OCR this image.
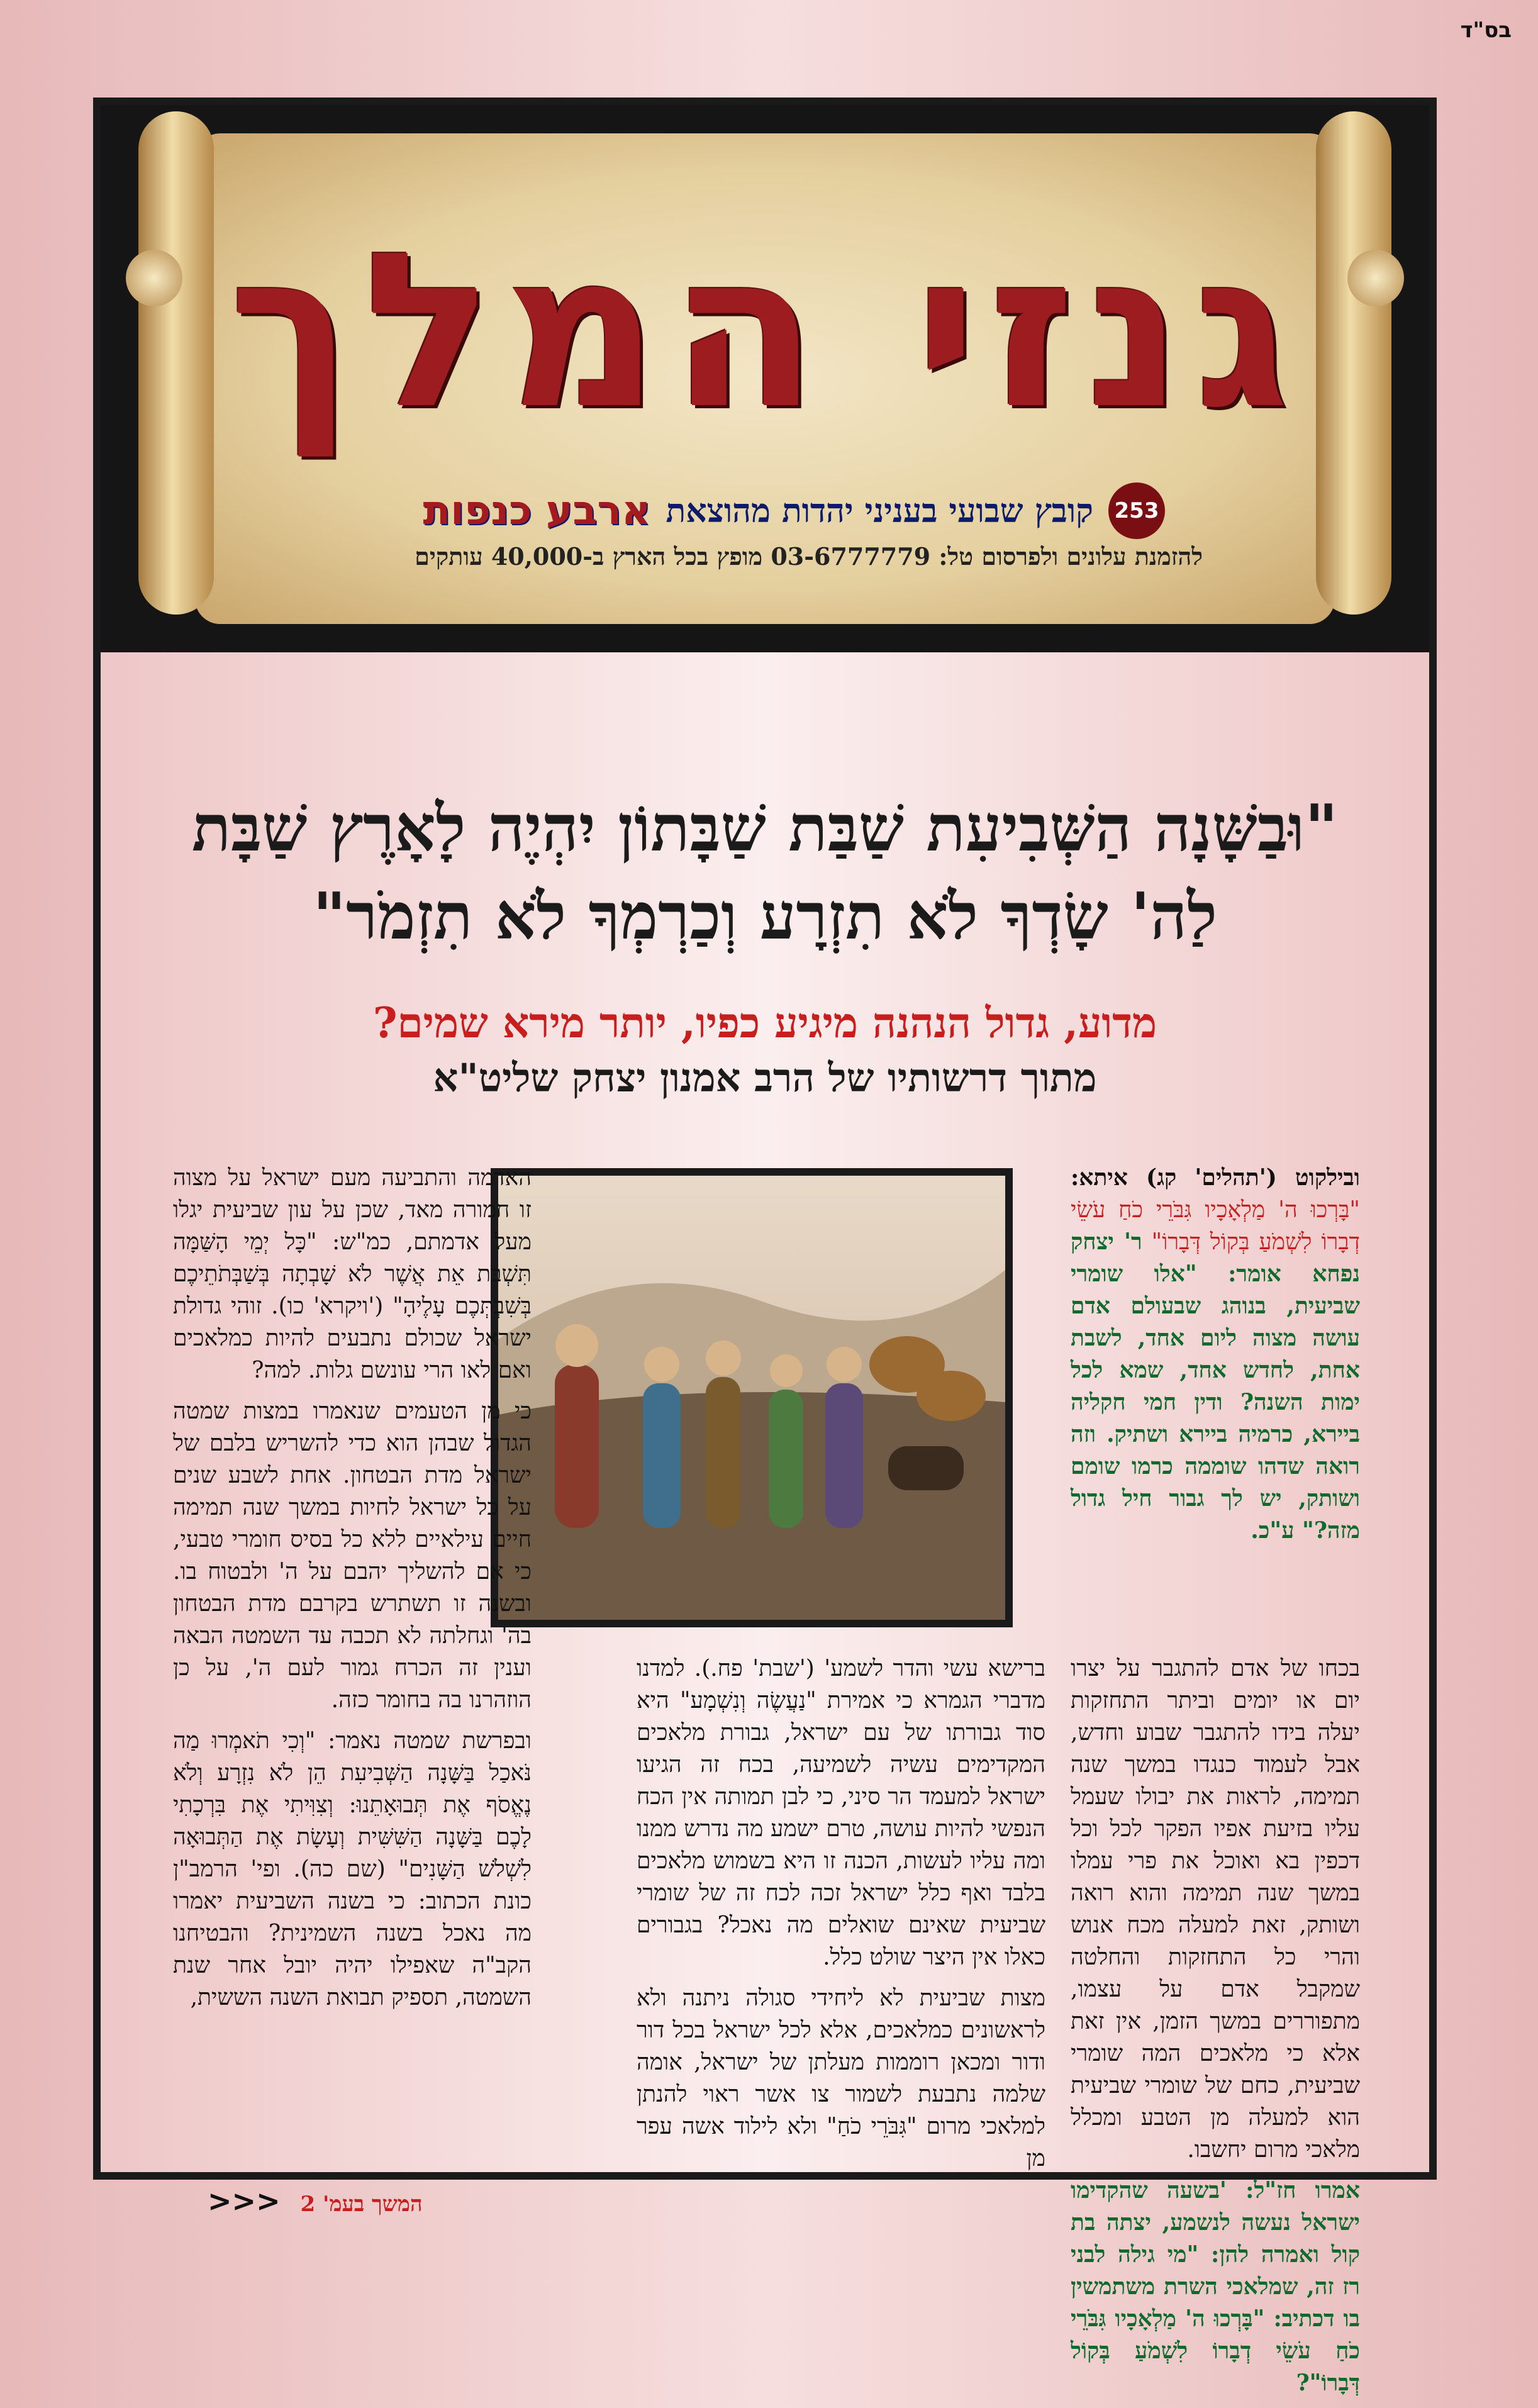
בס"ד
גנזי המלך
253
קובץ שבועי בעניני יהדות מהוצאת
ארבע כנפות
להזמנת עלונים ולפרסום טל: 03-6777779 מופץ בכל הארץ ב-40,000 עותקים
"וּבַשָּׁנָה הַשְּׁבִיעִת שַׁבַּת שַׁבָּתוֹן יִהְיֶה לָאָרֶץ שַׁבָּת
לַה' שָׂדְךָ לֹא תִזְרָע וְכַרְמְךָ לֹא תִזְמֹר"
מדוע, גדול הנהנה מיגיע כפיו, יותר מירא שמים?
מתוך דרשותיו של הרב אמנון יצחק שליט"א

ובילקוט ('תהלים' קג) איתא: "בָּרְכוּ ה' מַלְאָכָיו גִּבֹּרֵי כֹחַ עֹשֵׂי דְבָרוֹ לִשְׁמֹעַ בְּקוֹל דְּבָרוֹ" ר' יצחק נפחא אומר: "אלו שומרי שביעית, בנוהג שבעולם אדם עושה מצוה ליום אחד, לשבת אחת, לחדש אחד, שמא לכל ימות השנה? ודין חמי חקליה ביירא, כרמיה ביירא ושתיק. וזה רואה שדהו שוממה כרמו שומם ושותק, יש לך גבור חיל גדול מזה?" ע"כ.

בכחו של אדם להתגבר על יצרו יום או יומים וביתר התחזקות יעלה בידו להתגבר שבוע וחדש, אבל לעמוד כנגדו במשך שנה תמימה, לראות את יבולו שעמל עליו בזיעת אפיו הפקר לכל וכל דכפין בא ואוכל את פרי עמלו במשך שנה תמימה והוא רואה ושותק, זאת למעלה מכח אנוש והרי כל התחזקות והחלטה שמקבל אדם על עצמו, מתפוררים במשך הזמן, אין זאת אלא כי מלאכים המה שומרי שביעית, כחם של שומרי שביעית הוא למעלה מן הטבע ומכלל מלאכי מרום יחשבו.

אמרו חז"ל: 'בשעה שהקדימו ישראל נעשה לנשמע, יצתה בת קול ואמרה להן: "מי גילה לבני רז זה, שמלאכי השרת משתמשין בו דכתיב: "בָּרְכוּ ה' מַלְאָכָיו גִּבֹּרֵי כֹחַ עֹשֵׂי דְבָרוֹ לִשְׁמֹעַ בְּקוֹל דְּבָרוֹ"?

ברישא עשי והדר לשמע' ('שבת' פח.). למדנו מדברי הגמרא כי אמירת "נַעֲשֶׂה וְנִשְׁמָע" היא סוד גבורתו של עם ישראל, גבורת מלאכים המקדימים עשיה לשמיעה, בכח זה הגיעו ישראל למעמד הר סיני, כי לבן תמותה אין הכח הנפשי להיות עושה, טרם ישמע מה נדרש ממנו ומה עליו לעשות, הכנה זו היא בשמוש מלאכים בלבד ואף כלל ישראל זכה לכח זה של שומרי שביעית שאינם שואלים מה נאכל? בגבורים כאלו אין היצר שולט כלל.

מצות שביעית לא ליחידי סגולה ניתנה ולא לראשונים כמלאכים, אלא לכל ישראל בכל דור ודור ומכאן רוממות מעלתן של ישראל, אומה שלמה נתבעת לשמור צו אשר ראוי להנתן למלאכי מרום "גִּבֹּרֵי כֹחַ" ולא לילוד אשה עפר מן

האדמה והתביעה מעם ישראל על מצוה זו חמורה מאד, שכן על עון שביעית יגלו מעל אדמתם, כמ"ש: "כָּל יְמֵי הָשַּׁמָּה תִּשְׁבֹּת אֵת אֲשֶׁר לֹא שָׁבְתָה בְּשַׁבְּתֹתֵיכֶם בְּשִׁבְתְּכֶם עָלֶיהָ" ('ויקרא' כו). זוהי גדולת ישראל שכולם נתבעים להיות כמלאכים ואם לאו הרי עונשם גלות. למה?

כי מן הטעמים שנאמרו במצות שמטה הגדול שבהן הוא כדי להשריש בלבם של ישראל מדת הבטחון. אחת לשבע שנים על כל ישראל לחיות במשך שנה תמימה חיים עילאיים ללא כל בסיס חומרי טבעי, כי אם להשליך יהבם על ה' ולבטוח בו. ובשנה זו תשתרש בקרבם מדת הבטחון בה' וגחלתה לא תכבה עד השמטה הבאה וענין זה הכרח גמור לעם ה', על כן הוזהרנו בה בחומר כזה.

ובפרשת שמטה נאמר: "וְכִי תֹאמְרוּ מַה נֹּאכַל בַּשָּׁנָה הַשְּׁבִיעִת הֵן לֹא נִזְרָע וְלֹא נֶאֱסֹף אֶת תְּבוּאָתֵנוּ: וְצִוִּיתִי אֶת בִּרְכָתִי לָכֶם בַּשָּׁנָה הַשִּׁשִּׁית וְעָשָׂת אֶת הַתְּבוּאָה לִשְׁלֹשׁ הַשָּׁנִים" (שם כה). ופי' הרמב"ן כונת הכתוב: כי בשנה השביעית יאמרו מה נאכל בשנה השמינית? והבטיחנו הקב"ה שאפילו יהיה יובל אחר שנת השמטה, תספיק תבואת השנה הששית,

המשך בעמ' 2 <<<
